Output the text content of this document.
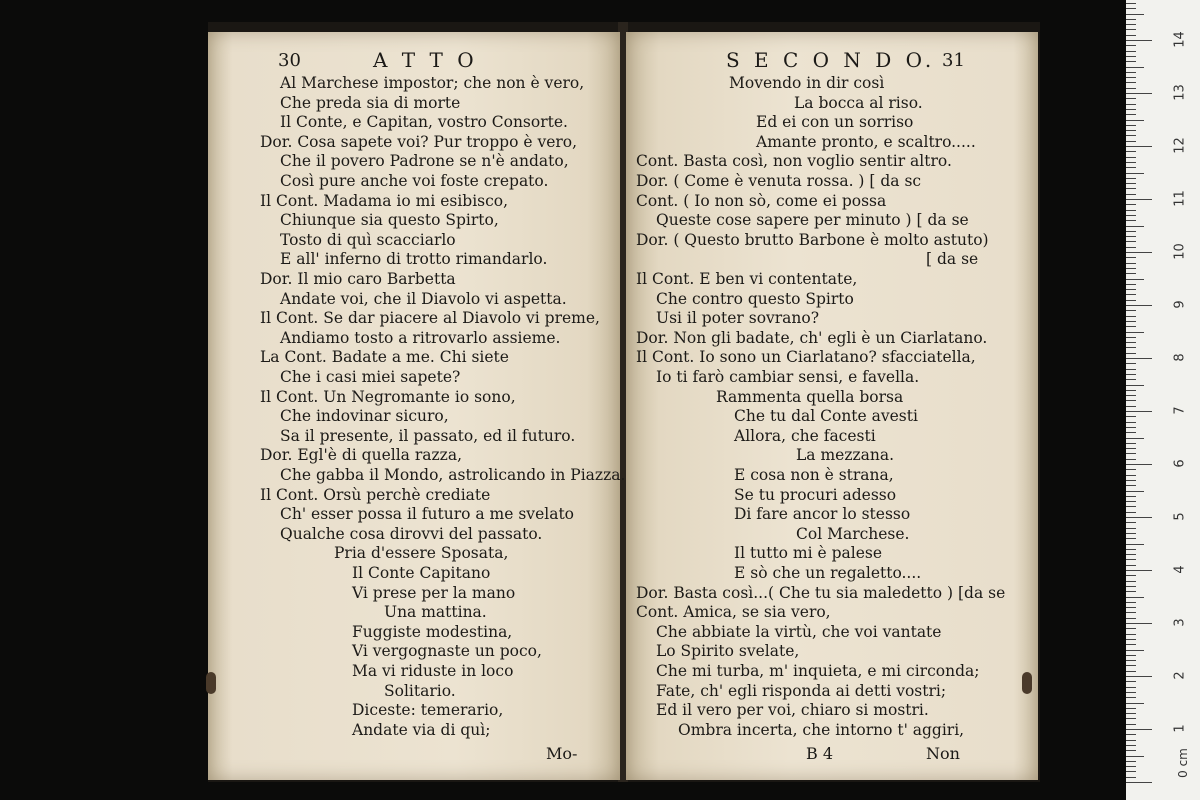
30	A T T O
Al Marchese impostor; che non è vero,
Che preda sia di morte
Il Conte, e Capitan, vostro Consorte.
Dor. Cosa sapete voi? Pur troppo è vero,
Che il povero Padrone se n'è andato,
Così pure anche voi foste crepato.
Il Cont. Madama io mi esibisco,
Chiunque sia questo Spirto,
Tosto di quì scacciarlo
E all' inferno di trotto rimandarlo.
Dor. Il mio caro Barbetta
Andate voi, che il Diavolo vi aspetta.
Il Cont. Se dar piacere al Diavolo vi preme,
Andiamo tosto a ritrovarlo assieme.
La Cont. Badate a me. Chi siete
Che i casi miei sapete?
Il Cont. Un Negromante io sono,
Che indovinar sicuro,
Sa il presente, il passato, ed il futuro.
Dor. Egl'è di quella razza,
Che gabba il Mondo, astrolicando in Piazza.
Il Cont. Orsù perchè crediate
Ch' esser possa il futuro a me svelato
Qualche cosa dirovvi del passato.
Pria d'essere Sposata,
Il Conte Capitano
Vi prese per la mano
Una mattina.
Fuggiste modestina,
Vi vergognaste un poco,
Ma vi riduste in loco
Solitario.
Diceste: temerario,
Andate via di quì;
Mo-
S E C O N D O. 31
Movendo in dir così
La bocca al riso.
Ed ei con un sorriso
Amante pronto, e scaltro.....
Cont. Basta così, non voglio sentir altro.
Dor. ( Come è venuta rossa. ) [ da sc
Cont. ( Io non sò, come ei possa
Queste cose sapere per minuto ) [ da se
Dor. ( Questo brutto Barbone è molto astuto)
[ da se
Il Cont. E ben vi contentate,
Che contro questo Spirto
Usi il poter sovrano?
Dor. Non gli badate, ch' egli è un Ciarlatano.
Il Cont. Io sono un Ciarlatano? sfacciatella,
Io ti farò cambiar sensi, e favella.
Rammenta quella borsa
Che tu dal Conte avesti
Allora, che facesti
La mezzana.
E cosa non è strana,
Se tu procuri adesso
Di fare ancor lo stesso
Col Marchese.
Il tutto mi è palese
E sò che un regaletto....
Dor. Basta così...( Che tu sia maledetto ) [da se
Cont. Amica, se sia vero,
Che abbiate la virtù, che voi vantate
Lo Spirito svelate,
Che mi turba, m' inquieta, e mi circonda;
Fate, ch' egli risponda ai detti vostri;
Ed il vero per voi, chiaro si mostri.
Ombra incerta, che intorno t' aggiri,
B 4	Non	0 cm
1
2
3
4
5
6
7
8
9
10
11
12
13
14
